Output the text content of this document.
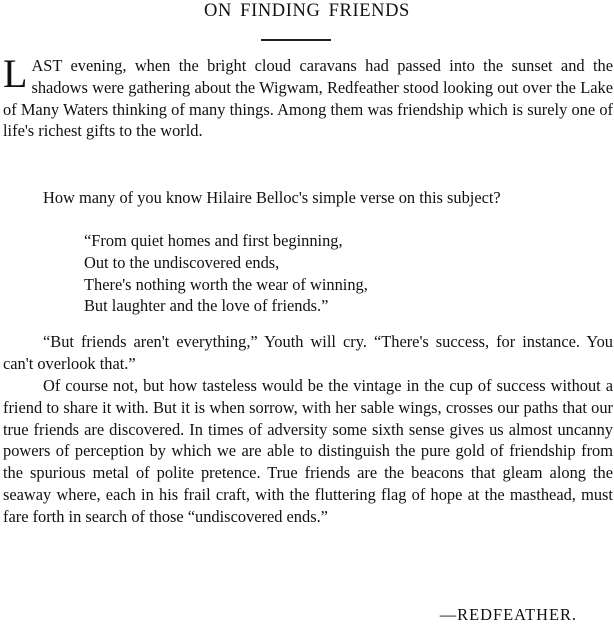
ON FINDING FRIENDS

LAST evening, when the bright cloud caravans had passed into the sunset and the shadows were gathering about the Wigwam, Redfeather stood looking out over the Lake of Many Waters thinking of many things. Among them was friendship which is surely one of life's richest gifts to the world.

How many of you know Hilaire Belloc's simple verse on this subject?

“From quiet homes and first beginning,
Out to the undiscovered ends,
There's nothing worth the wear of winning,
But laughter and the love of friends.”

“But friends aren't everything,” Youth will cry. “There's success, for instance. You can't overlook that.”

Of course not, but how tasteless would be the vintage in the cup of success without a friend to share it with. But it is when sorrow, with her sable wings, crosses our paths that our true friends are discovered. In times of adversity some sixth sense gives us almost uncanny powers of perception by which we are able to distinguish the pure gold of friendship from the spurious metal of polite pretence. True friends are the beacons that gleam along the seaway where, each in his frail craft, with the fluttering flag of hope at the masthead, must fare forth in search of those “undiscovered ends.”

—REDFEATHER.
